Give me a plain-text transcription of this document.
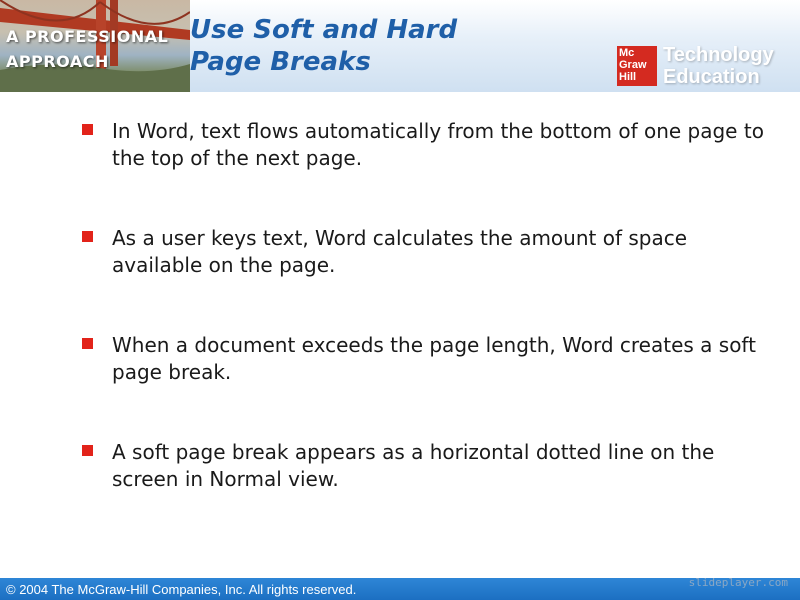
A PROFESSIONAL
APPROACH
Use Soft and Hard
Page Breaks	Mc
Graw
Hill
Technology
Education
In Word, text flows automatically from the bottom of one page to the top of the next page.
As a user keys text, Word calculates the amount of space available on the page.
When a document exceeds the page length, Word creates a soft page break.
A soft page break appears as a horizontal dotted line on the screen in Normal view.
© 2004 The McGraw-Hill Companies, Inc. All rights reserved.	slideplayer.com
